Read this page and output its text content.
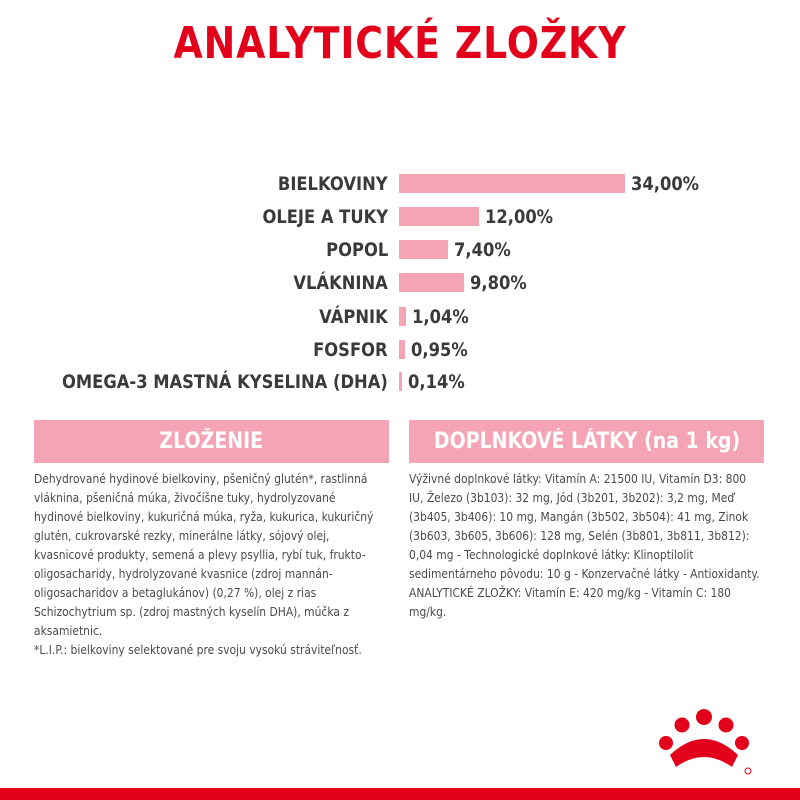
ANALYTICKÉ ZLOŽKY
BIELKOVINY	34,00%
OLEJE A TUKY	12,00%
POPOL	7,40%
VLÁKNINA	9,80%
VÁPNIK 1,04%
FOSFOR 0,95%
OMEGA-3 MASTNÁ KYSELINA (DHA) 0,14%
ZLOŽENIE	DOPLNKOVÉ LÁTKY (na 1 kg)

Dehydrované hydinové bielkoviny, pšeničný glutén*, rastlinná vláknina, pšeničná múka, živočíšne tuky, hydrolyzované hydinové bielkoviny, kukuričná múka, ryža, kukurica, kukuričný glutén, cukrovarské rezky, minerálne látky, sójový olej, kvasnicové produkty, semená a plevy psyllia, rybí tuk, frukto-oligosacharidy, hydrolyzované kvasnice (zdroj mannán-oligosacharidov a betaglukánov) (0,27 %), olej z rias Schizochytrium sp. (zdroj mastných kyselín DHA), múčka z aksamietnic.

*L.I.P.: bielkoviny selektované pre svoju vysokú stráviteľnosť.

Výživné doplnkové látky: Vitamín A: 21500 IU, Vitamín D3: 800 IU, Železo (3b103): 32 mg, Jód (3b201, 3b202): 3,2 mg, Meď (3b405, 3b406): 10 mg, Mangán (3b502, 3b504): 41 mg, Zinok (3b603, 3b605, 3b606): 128 mg, Selén (3b801, 3b811, 3b812): 0,04 mg - Technologické doplnkové látky: Klinoptilolit sedimentárneho pôvodu: 10 g - Konzervačné látky - Antioxidanty.

ANALYTICKÉ ZLOŽKY: Vitamín E: 420 mg/kg - Vitamín C: 180 mg/kg.
